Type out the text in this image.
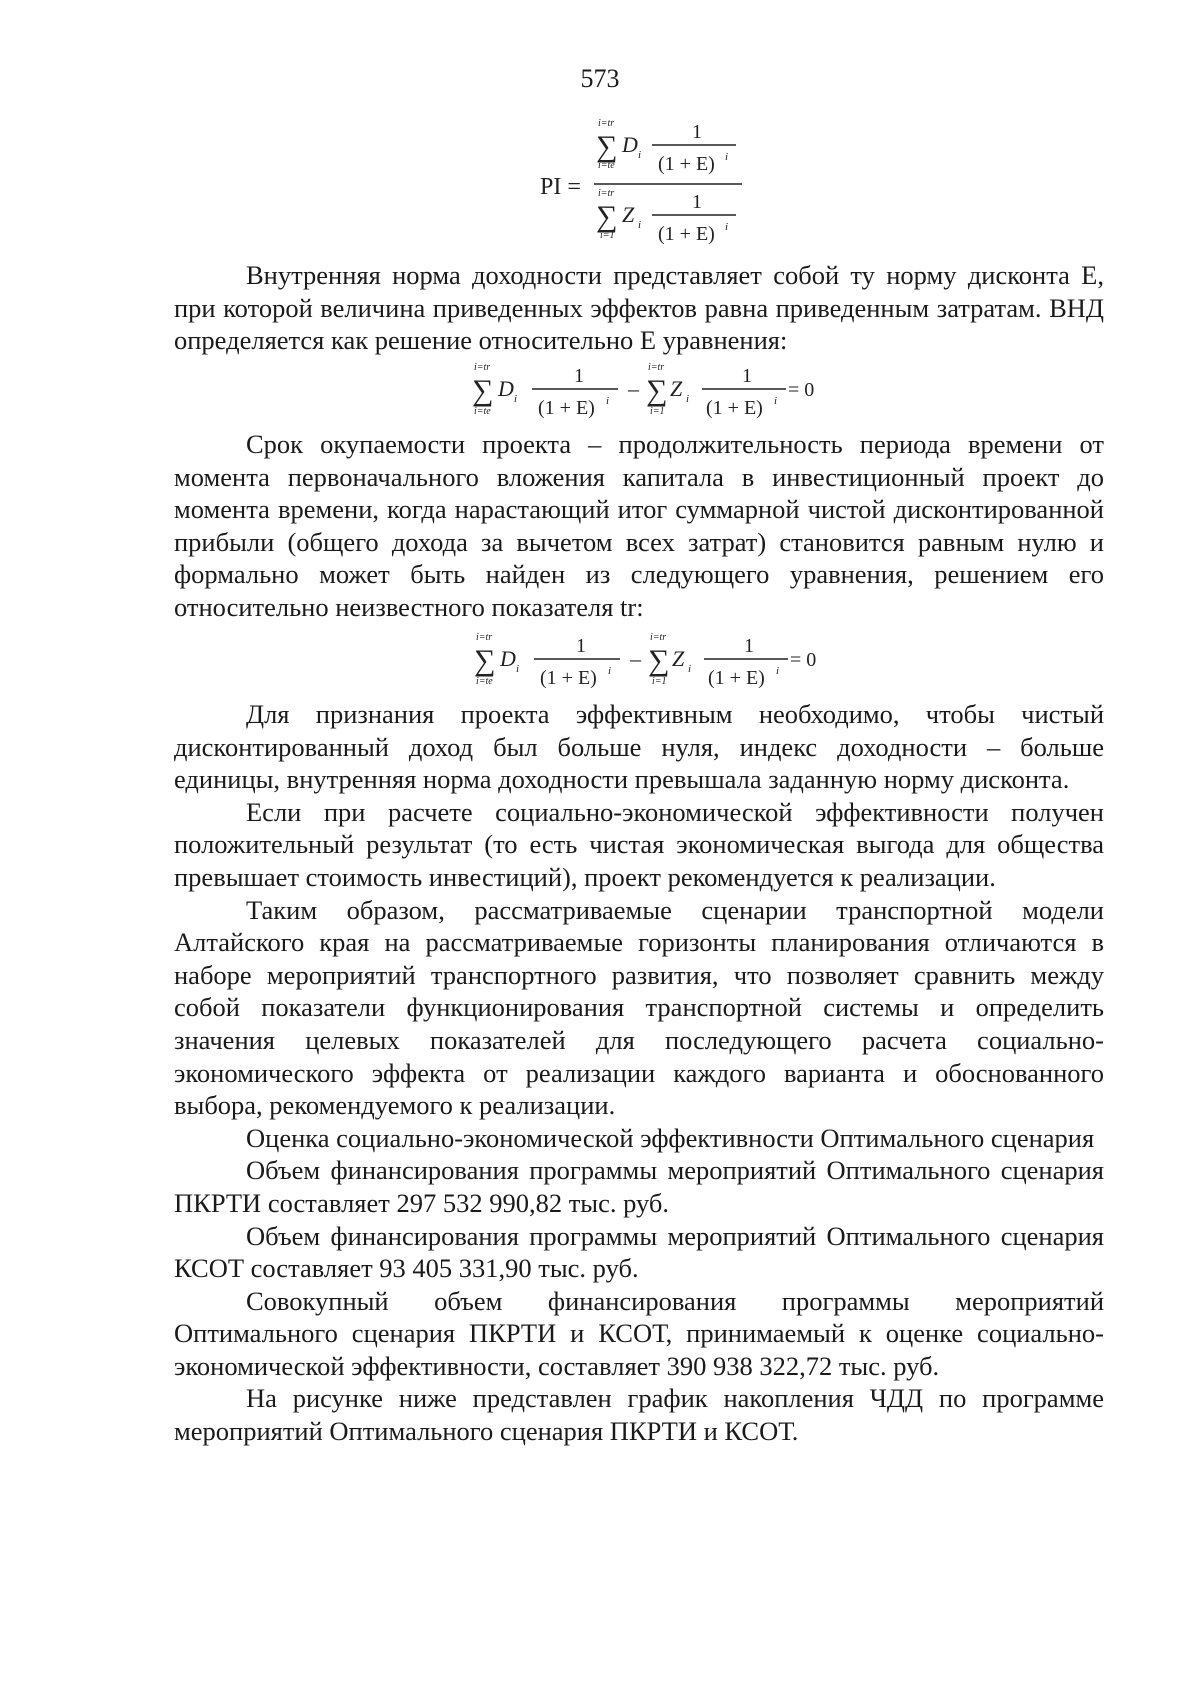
573
PI =
i=tr
∑
i=te
D i
1
(1 + E) i
i=tr
∑
i=1
Z i
1
(1 + E) i

Внутренняя норма доходности представляет собой ту норму дисконта Е, при которой величина приведенных эффектов равна приведенным затратам. ВНД определяется как решение относительно Е уравнения:

i=tr
∑
i=te
D i
1
(1 + E) i –
i=tr
∑
i=1
Z i
1
(1 + E) i = 0

Срок окупаемости проекта – продолжительность периода времени от момента первоначального вложения капитала в инвестиционный проект до момента времени, когда нарастающий итог суммарной чистой дисконтированной прибыли (общего дохода за вычетом всех затрат) становится равным нулю и формально может быть найден из следующего уравнения, решением его относительно неизвестного показателя tr:

i=tr
∑
i=te
D i
1
(1 + E) i –
i=tr
∑
i=1
Z i
1
(1 + E) i = 0

Для признания проекта эффективным необходимо, чтобы чистый дисконтированный доход был больше нуля, индекс доходности – больше единицы, внутренняя норма доходности превышала заданную норму дисконта.

Если при расчете социально-экономической эффективности получен положительный результат (то есть чистая экономическая выгода для общества превышает стоимость инвестиций), проект рекомендуется к реализации.

Таким образом, рассматриваемые сценарии транспортной модели Алтайского края на рассматриваемые горизонты планирования отличаются в наборе мероприятий транспортного развития, что позволяет сравнить между собой показатели функционирования транспортной системы и определить значения целевых показателей для последующего расчета социально-экономического эффекта от реализации каждого варианта и обоснованного выбора, рекомендуемого к реализации.

Оценка социально-экономической эффективности Оптимального сценария

Объем финансирования программы мероприятий Оптимального сценария ПКРТИ составляет 297 532 990,82 тыс. руб.

Объем финансирования программы мероприятий Оптимального сценария КСОТ составляет 93 405 331,90 тыс. руб.

Совокупный объем финансирования программы мероприятий Оптимального сценария ПКРТИ и КСОТ, принимаемый к оценке социально-экономической эффективности, составляет 390 938 322,72 тыс. руб.

На рисунке ниже представлен график накопления ЧДД по программе мероприятий Оптимального сценария ПКРТИ и КСОТ.
